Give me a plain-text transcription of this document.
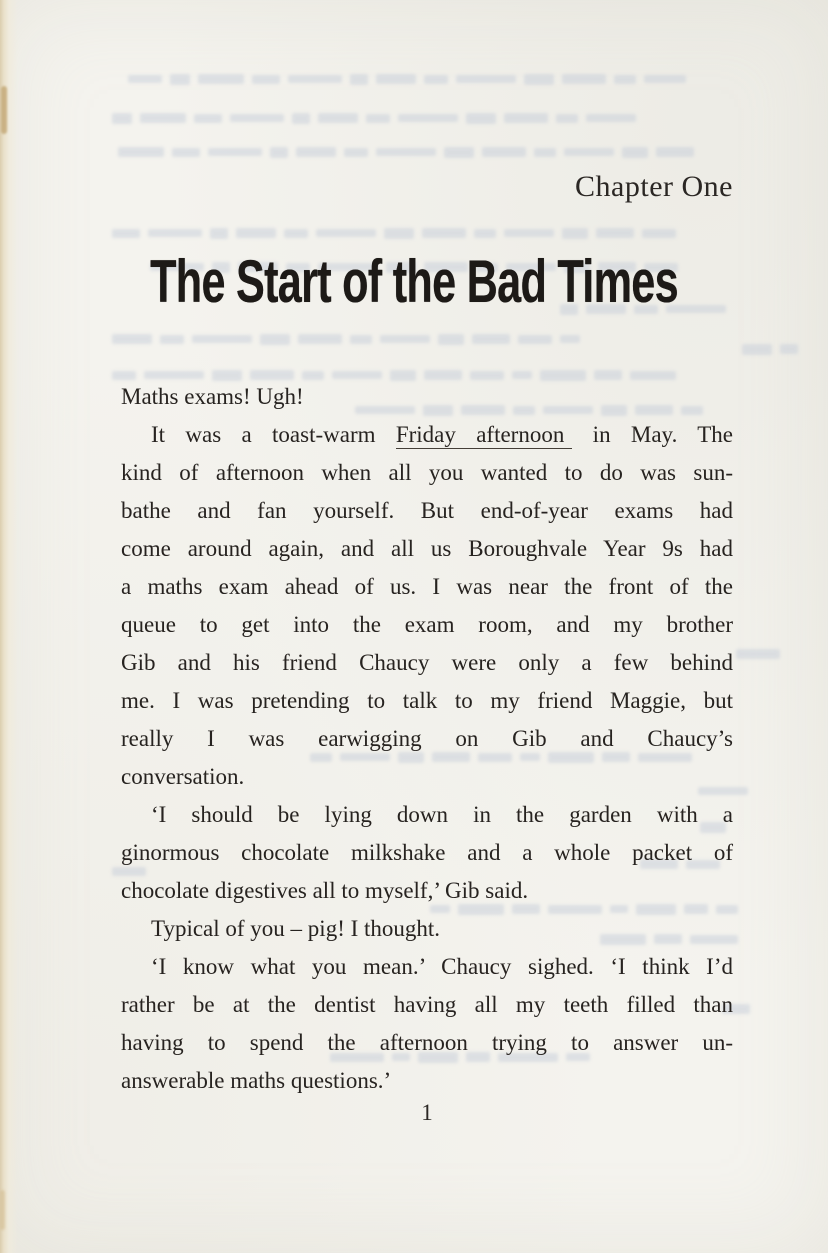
Chapter One
The Start of the Bad Times
Maths exams! Ugh!
It was a toast-warm Friday afternoon in May. The
kind of afternoon when all you wanted to do was sun-
bathe and fan yourself. But end-of-year exams had
come around again, and all us Boroughvale Year 9s had
a maths exam ahead of us. I was near the front of the
queue to get into the exam room, and my brother
Gib and his friend Chaucy were only a few behind
me. I was pretending to talk to my friend Maggie, but
really I was earwigging on Gib and Chaucy’s
conversation.
‘I should be lying down in the garden with a
ginormous chocolate milkshake and a whole packet of
chocolate digestives all to myself,’ Gib said.
Typical of you – pig! I thought.
‘I know what you mean.’ Chaucy sighed. ‘I think I’d
rather be at the dentist having all my teeth filled than
having to spend the afternoon trying to answer un-
answerable maths questions.’
1
